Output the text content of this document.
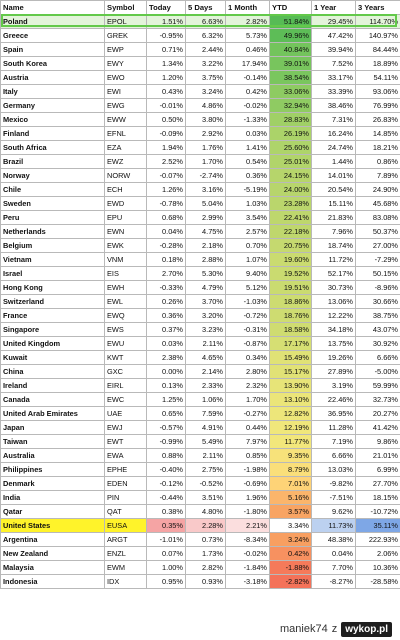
Name	Symbol	Today	5 Days	1 Month	YTD	1 Year	3 Years
Poland	EPOL	1.51%	6.63%	2.82%	51.84%	29.45%	114.70%
Greece	GREK	-0.95%	6.32%	5.73%	49.96%	47.42%	140.97%
Spain	EWP	0.71%	2.44%	0.46%	40.84%	39.94%	84.44%
South Korea	EWY	1.34%	3.22%	17.94%	39.01%	7.52%	18.89%
Austria	EWO	1.20%	3.75%	-0.14%	38.54%	33.17%	54.11%
Italy	EWI	0.43%	3.24%	0.42%	33.06%	33.39%	93.06%
Germany	EWG	-0.01%	4.86%	-0.02%	32.94%	38.46%	76.99%
Mexico	EWW	0.50%	3.80%	-1.33%	28.83%	7.31%	26.83%
Finland	EFNL	-0.09%	2.92%	0.03%	26.19%	16.24%	14.85%
South Africa	EZA	1.94%	1.76%	1.41%	25.60%	24.74%	18.21%
Brazil	EWZ	2.52%	1.70%	0.54%	25.01%	1.44%	0.86%
Norway	NORW	-0.07%	-2.74%	0.36%	24.15%	14.01%	7.89%
Chile	ECH	1.26%	3.16%	-5.19%	24.00%	20.54%	24.90%
Sweden	EWD	-0.78%	5.04%	1.03%	23.28%	15.11%	45.68%
Peru	EPU	0.68%	2.99%	3.54%	22.41%	21.83%	83.08%
Netherlands	EWN	0.04%	4.75%	2.57%	22.18%	7.96%	50.37%
Belgium	EWK	-0.28%	2.18%	0.70%	20.75%	18.74%	27.00%
Vietnam	VNM	0.18%	2.88%	1.07%	19.60%	11.72%	-7.29%
Israel	EIS	2.70%	5.30%	9.40%	19.52%	52.17%	50.15%
Hong Kong	EWH	-0.33%	4.79%	5.12%	19.51%	30.73%	-8.96%
Switzerland	EWL	0.26%	3.70%	-1.03%	18.86%	13.06%	30.66%
France	EWQ	0.36%	3.20%	-0.72%	18.76%	12.22%	38.75%
Singapore	EWS	0.37%	3.23%	-0.31%	18.58%	34.18%	43.07%
United Kingdom	EWU	0.03%	2.11%	-0.87%	17.17%	13.75%	30.92%
Kuwait	KWT	2.38%	4.65%	0.34%	15.49%	19.26%	6.66%
China	GXC	0.00%	2.14%	2.80%	15.17%	27.89%	-5.00%
Ireland	EIRL	0.13%	2.33%	2.32%	13.90%	3.19%	59.99%
Canada	EWC	1.25%	1.06%	1.70%	13.10%	22.46%	32.73%
United Arab Emirates	UAE	0.65%	7.59%	-0.27%	12.82%	36.95%	20.27%
Japan	EWJ	-0.57%	4.91%	0.44%	12.19%	11.28%	41.42%
Taiwan	EWT	-0.99%	5.49%	7.97%	11.77%	7.19%	9.86%
Australia	EWA	0.88%	2.11%	0.85%	9.35%	6.66%	21.01%
Philippines	EPHE	-0.40%	2.75%	-1.98%	8.79%	13.03%	6.99%
Denmark	EDEN	-0.12%	-0.52%	-0.69%	7.01%	-9.82%	27.70%
India	PIN	-0.44%	3.51%	1.96%	5.16%	-7.51%	18.15%
Qatar	QAT	0.38%	4.80%	-1.80%	3.57%	9.62%	-10.72%
United States	EUSA	0.35%	2.28%	2.21%	3.34%	11.73%	35.11%
Argentina	ARGT	-1.01%	0.73%	-8.34%	3.24%	48.38%	222.93%
New Zealand	ENZL	0.07%	1.73%	-0.02%	0.42%	0.04%	2.06%
Malaysia	EWM	1.00%	2.82%	-1.84%	-1.88%	7.70%	10.36%
Indonesia	IDX	0.95%	0.93%	-3.18%	-2.82%	-8.27%	-28.58%
maniek74 z wykop.pl
